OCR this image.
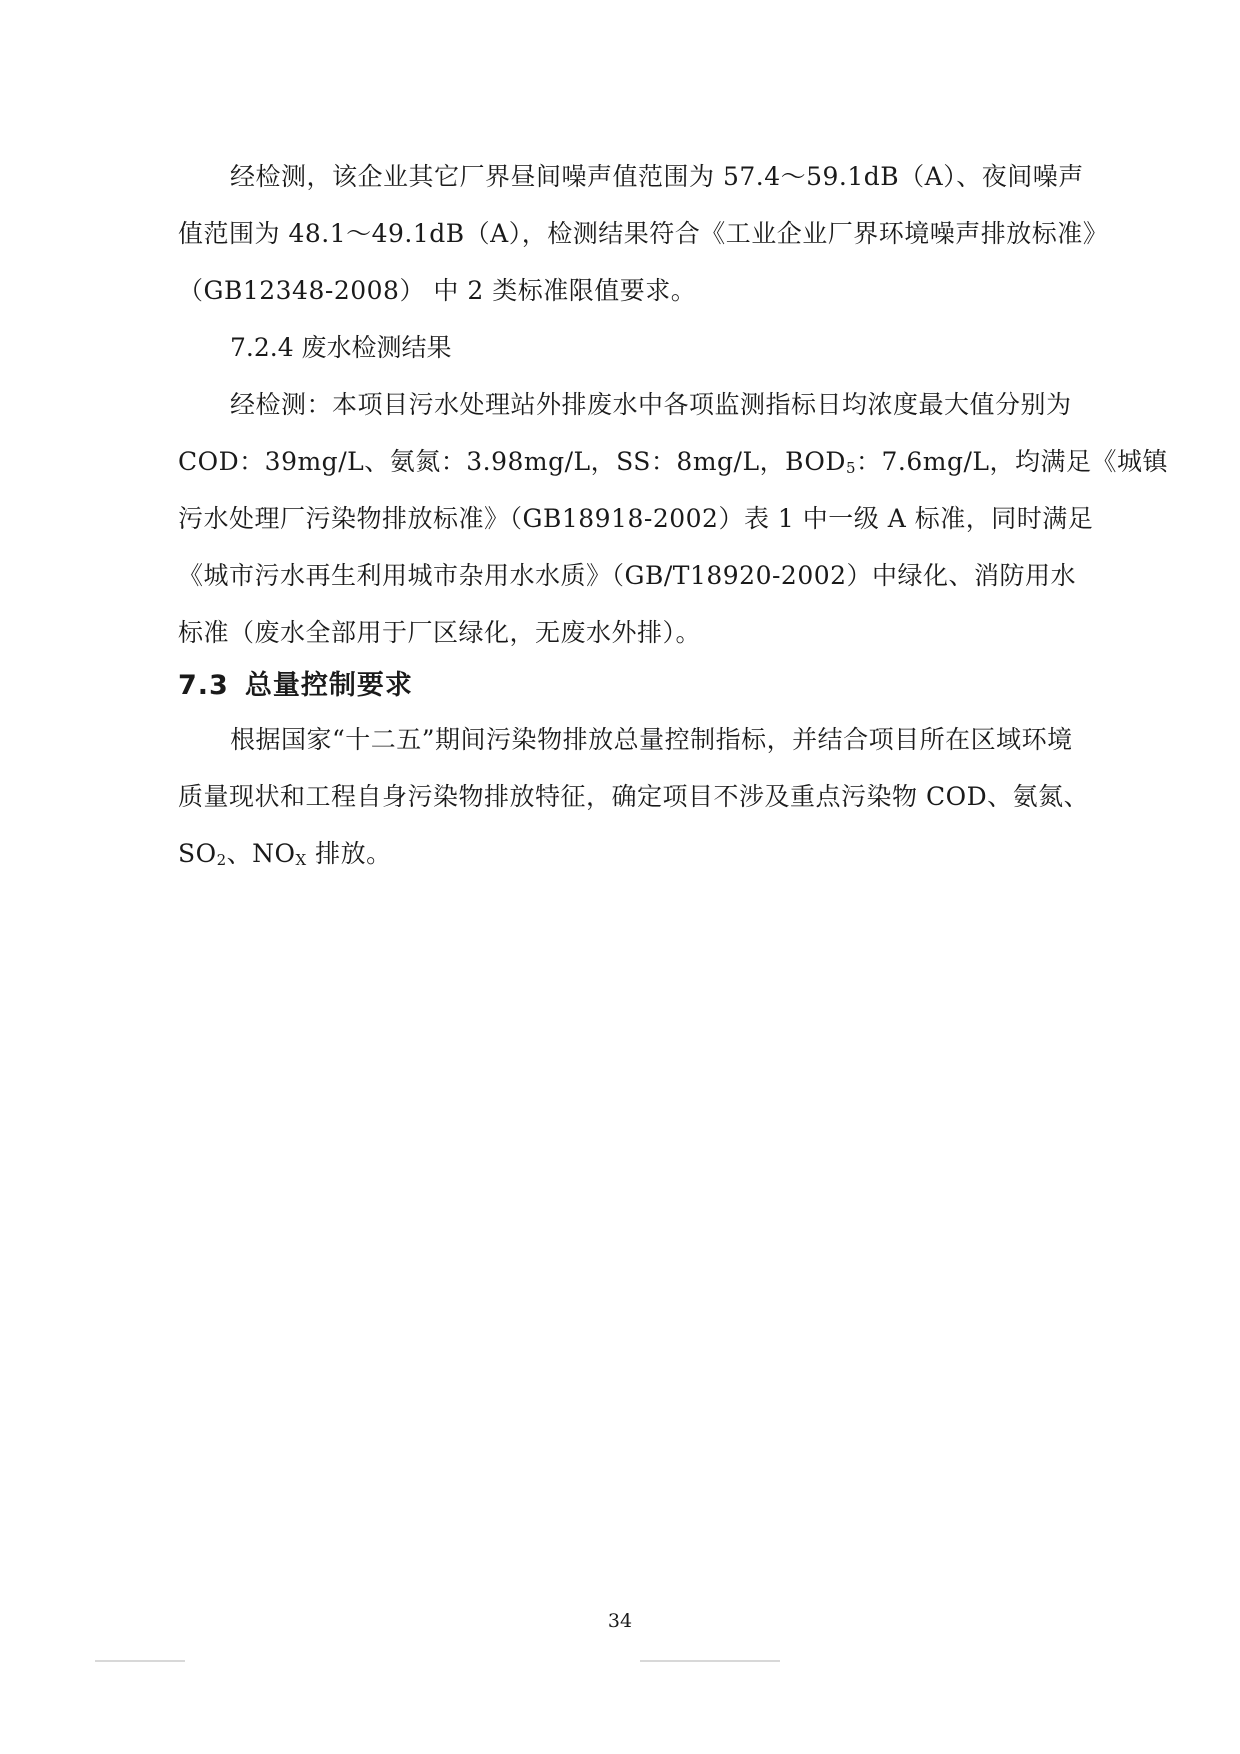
经检测，该企业其它厂界昼间噪声值范围为 57.4～59.1dB（A）、夜间噪声
值范围为 48.1～49.1dB（A），检测结果符合《工业企业厂界环境噪声排放标准》
（GB12348-2008） 中 2 类标准限值要求。

7.2.4 废水检测结果

经检测：本项目污水处理站外排废水中各项监测指标日均浓度最大值分别为
COD：39mg/L、氨氮：3.98mg/L，SS：8mg/L，$BOD_5$：7.6mg/L，均满足《城镇
污水处理厂污染物排放标准》（GB18918-2002）表 1 中一级 A 标准，同时满足
《城市污水再生利用城市杂用水水质》（GB/T18920-2002）中绿化、消防用水
标准（废水全部用于厂区绿化，无废水外排）。

7.3 总量控制要求

根据国家“十二五”期间污染物排放总量控制指标，并结合项目所在区域环境
质量现状和工程自身污染物排放特征，确定项目不涉及重点污染物 COD、氨氮、
$SO_2$、$NO_X$ 排放。

34
